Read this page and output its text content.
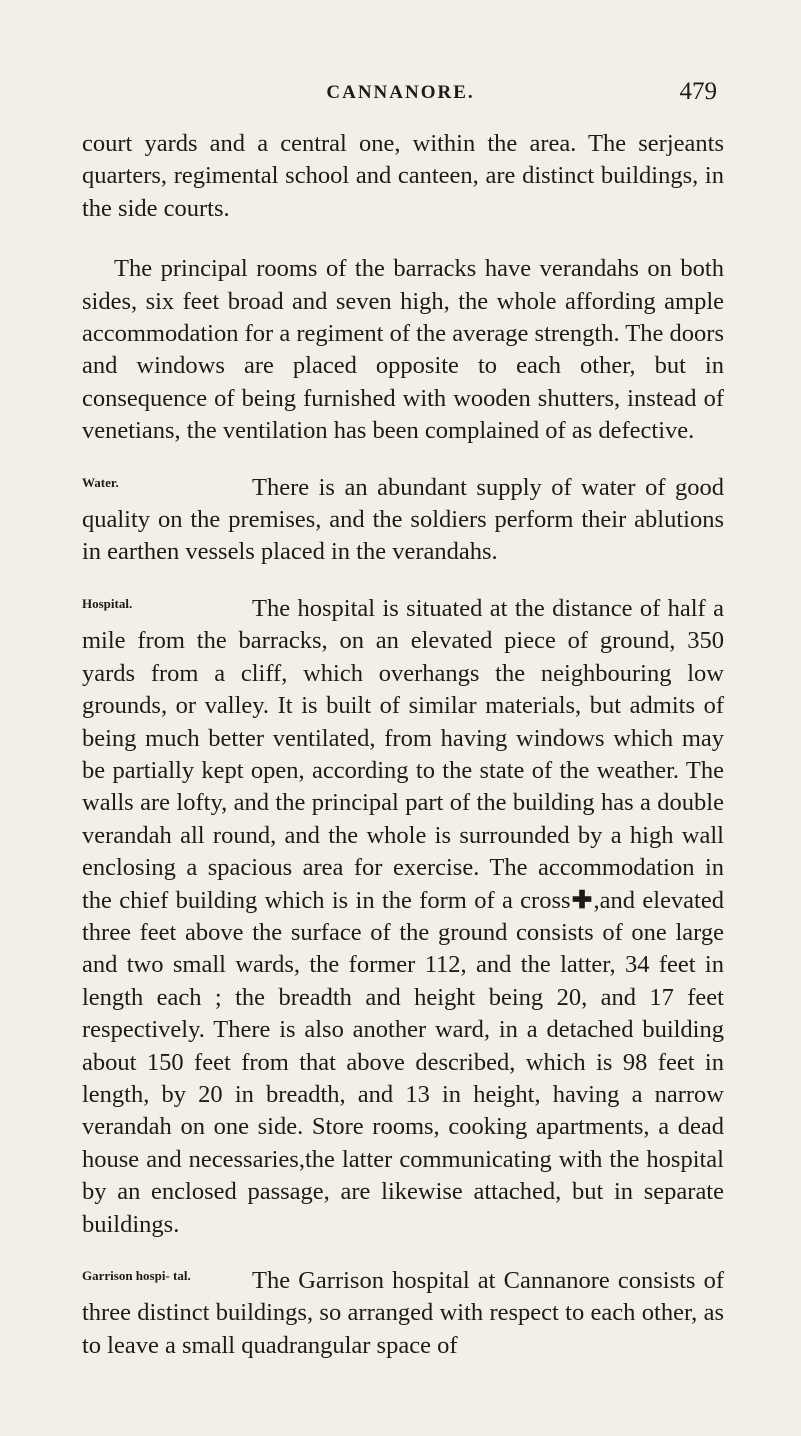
CANNANORE.	479

court yards and a central one, within the area. The serjeants quarters, regimental school and canteen, are distinct buildings, in the side courts.

The principal rooms of the barracks have verandahs on both sides, six feet broad and seven high, the whole affording ample accommodation for a regiment of the average strength. The doors and windows are placed opposite to each other, but in consequence of being furnished with wooden shutters, instead of venetians, the ventilation has been complained of as defective.

Water.	There is an abundant supply of water of good quality on the premises, and the soldiers perform their ablutions in earthen vessels placed in the verandahs.

Hospital.	The hospital is situated at the distance of half a mile from the barracks, on an elevated piece of ground, 350 yards from a cliff, which overhangs the neighbouring low grounds, or valley. It is built of similar materials, but admits of being much better ventilated, from having windows which may be partially kept open, according to the state of the weather. The walls are lofty, and the principal part of the building has a double verandah all round, and the whole is surrounded by a high wall enclosing a spacious area for exercise. The accommodation in the chief building which is in the form of a cross✚,and elevated three feet above the surface of the ground consists of one large and two small wards, the former 112, and the latter, 34 feet in length each ; the breadth and height being 20, and 17 feet respectively. There is also another ward, in a detached building about 150 feet from that above described, which is 98 feet in length, by 20 in breadth, and 13 in height, having a narrow verandah on one side. Store rooms, cooking apartments, a dead house and necessaries,the latter communicating with the hospital by an enclosed passage, are likewise attached, but in separate buildings.

Garrison hospi- tal.	The Garrison hospital at Cannanore consists of three distinct buildings, so arranged with respect to each other, as to leave a small quadrangular space of
